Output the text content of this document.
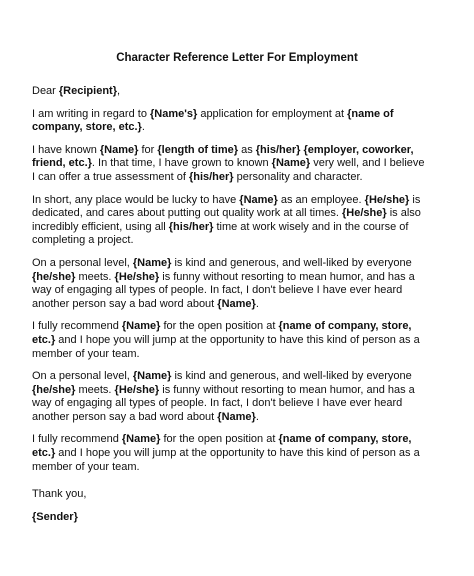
Character Reference Letter For Employment

Dear {Recipient},

I am writing in regard to {Name's} application for employment at {name of
company, store, etc.}.

I have known {Name} for {length of time} as {his/her} {employer, coworker,
friend, etc.}. In that time, I have grown to known {Name} very well, and I believe
I can offer a true assessment of {his/her} personality and character.

In short, any place would be lucky to have {Name} as an employee. {He/she} is
dedicated, and cares about putting out quality work at all times. {He/she} is also
incredibly efficient, using all {his/her} time at work wisely and in the course of
completing a project.

On a personal level, {Name} is kind and generous, and well-liked by everyone
{he/she} meets. {He/she} is funny without resorting to mean humor, and has a
way of engaging all types of people. In fact, I don't believe I have ever heard
another person say a bad word about {Name}.

I fully recommend {Name} for the open position at {name of company, store,
etc.} and I hope you will jump at the opportunity to have this kind of person as a
member of your team.

On a personal level, {Name} is kind and generous, and well-liked by everyone
{he/she} meets. {He/she} is funny without resorting to mean humor, and has a
way of engaging all types of people. In fact, I don't believe I have ever heard
another person say a bad word about {Name}.

I fully recommend {Name} for the open position at {name of company, store,
etc.} and I hope you will jump at the opportunity to have this kind of person as a
member of your team.

Thank you,

{Sender}
